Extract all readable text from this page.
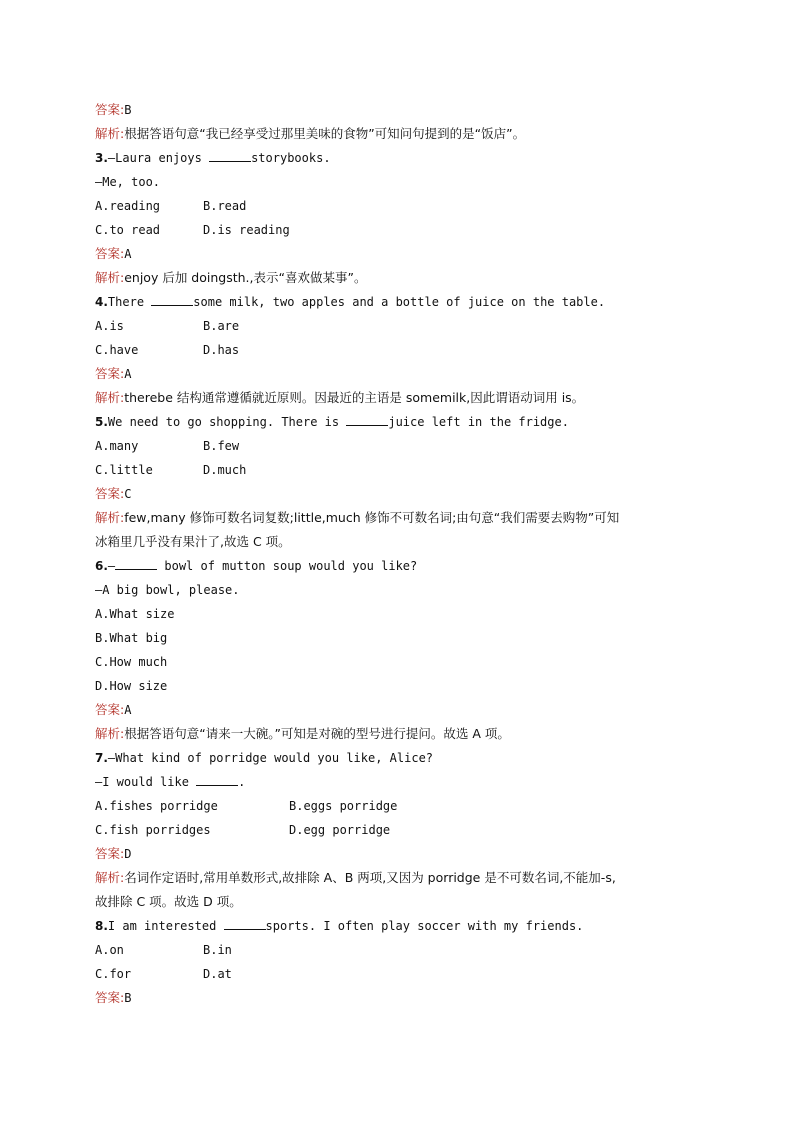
答案:B
解析:根据答语句意“我已经享受过那里美味的食物”可知问句提到的是“饭店”。
3.—Laura enjoys	storybooks.
—Me, too.
A.reading	B.read
C.to read	D.is reading
答案:A
解析:enjoy 后加 doingsth.,表示“喜欢做某事”。
4.There	some milk, two apples and a bottle of juice on the table.
A.is	B.are
C.have	D.has
答案:A
解析:therebe 结构通常遵循就近原则。因最近的主语是 somemilk,因此谓语动词用 is。
5.We need to go shopping. There is	juice left in the fridge.
A.many	B.few
C.little	D.much
答案:C
解析:few,many 修饰可数名词复数;little,much 修饰不可数名词;由句意“我们需要去购物”可知
冰箱里几乎没有果汁了,故选 C 项。
6.—	bowl of mutton soup would you like?
—A big bowl, please.
A.What size
B.What big
C.How much
D.How size
答案:A
解析:根据答语句意“请来一大碗。”可知是对碗的型号进行提问。故选 A 项。
7.—What kind of porridge would you like, Alice?
—I would like	.
A.fishes porridge	B.eggs porridge
C.fish porridges	D.egg porridge
答案:D
解析:名词作定语时,常用单数形式,故排除 A、B 两项,又因为 porridge 是不可数名词,不能加-s,
故排除 C 项。故选 D 项。
8.I am interested	sports. I often play soccer with my friends.
A.on	B.in
C.for	D.at
答案:B
